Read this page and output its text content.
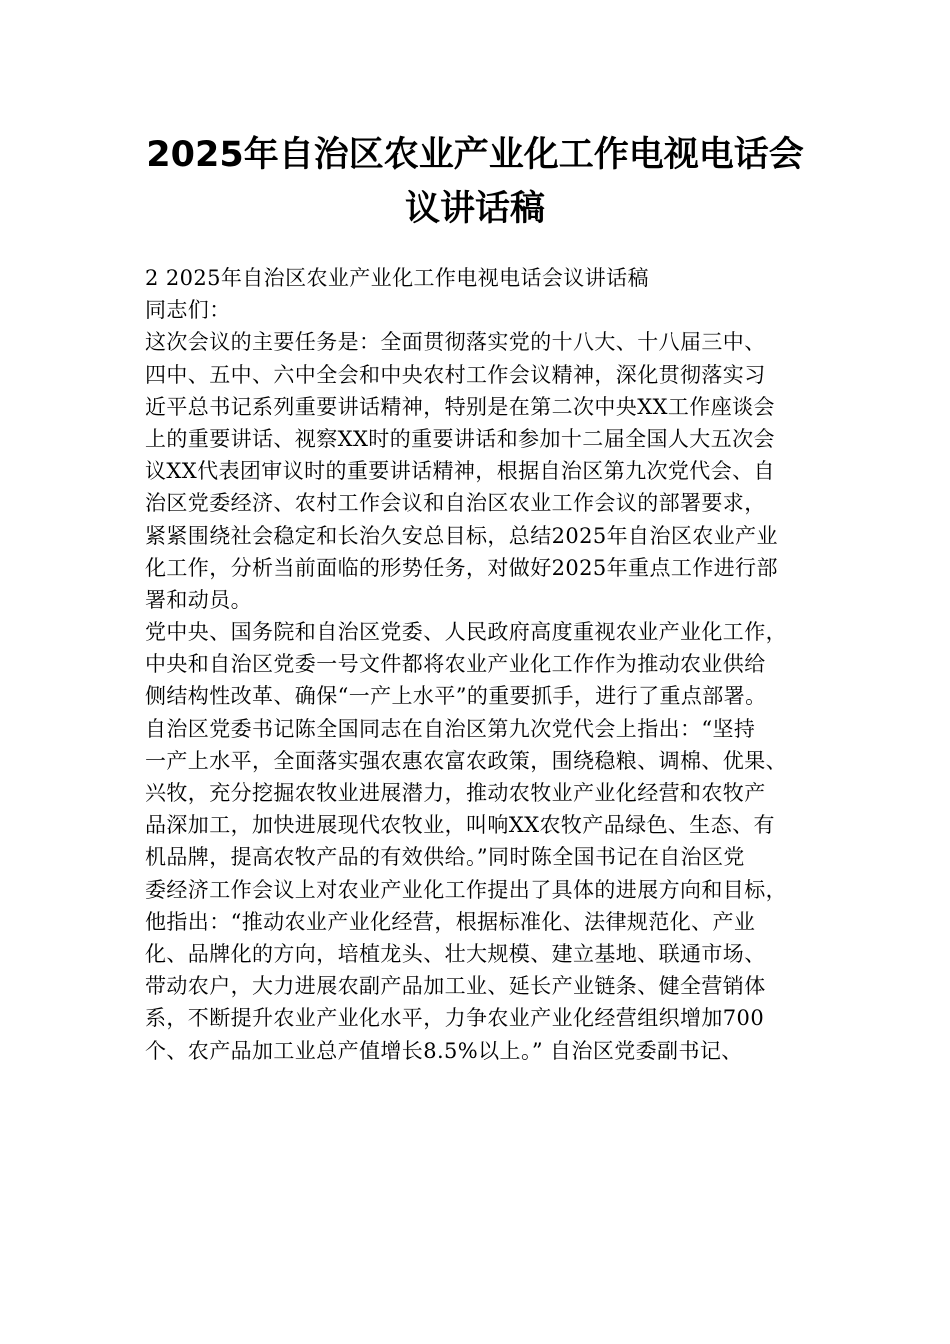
2025年自治区农业产业化工作电视电话会
议讲话稿
2 2025年自治区农业产业化工作电视电话会议讲话稿
同志们：
这次会议的主要任务是：全面贯彻落实党的十八大、十八届三中、
四中、五中、六中全会和中央农村工作会议精神，深化贯彻落实习
近平总书记系列重要讲话精神，特别是在第二次中央XX工作座谈会
上的重要讲话、视察XX时的重要讲话和参加十二届全国人大五次会
议XX代表团审议时的重要讲话精神，根据自治区第九次党代会、自
治区党委经济、农村工作会议和自治区农业工作会议的部署要求，
紧紧围绕社会稳定和长治久安总目标，总结2025年自治区农业产业
化工作，分析当前面临的形势任务，对做好2025年重点工作进行部
署和动员。
党中央、国务院和自治区党委、人民政府高度重视农业产业化工作，
中央和自治区党委一号文件都将农业产业化工作作为推动农业供给
侧结构性改革、确保“一产上水平”的重要抓手，进行了重点部署。
自治区党委书记陈全国同志在自治区第九次党代会上指出：“坚持
一产上水平，全面落实强农惠农富农政策，围绕稳粮、调棉、优果、
兴牧，充分挖掘农牧业进展潜力，推动农牧业产业化经营和农牧产
品深加工，加快进展现代农牧业，叫响XX农牧产品绿色、生态、有
机品牌，提高农牧产品的有效供给。”同时陈全国书记在自治区党
委经济工作会议上对农业产业化工作提出了具体的进展方向和目标，
他指出：“推动农业产业化经营，根据标准化、法律规范化、产业
化、品牌化的方向，培植龙头、壮大规模、建立基地、联通市场、
带动农户，大力进展农副产品加工业、延长产业链条、健全营销体
系，不断提升农业产业化水平，力争农业产业化经营组织增加700
个、农产品加工业总产值增长8.5%以上。” 自治区党委副书记、
